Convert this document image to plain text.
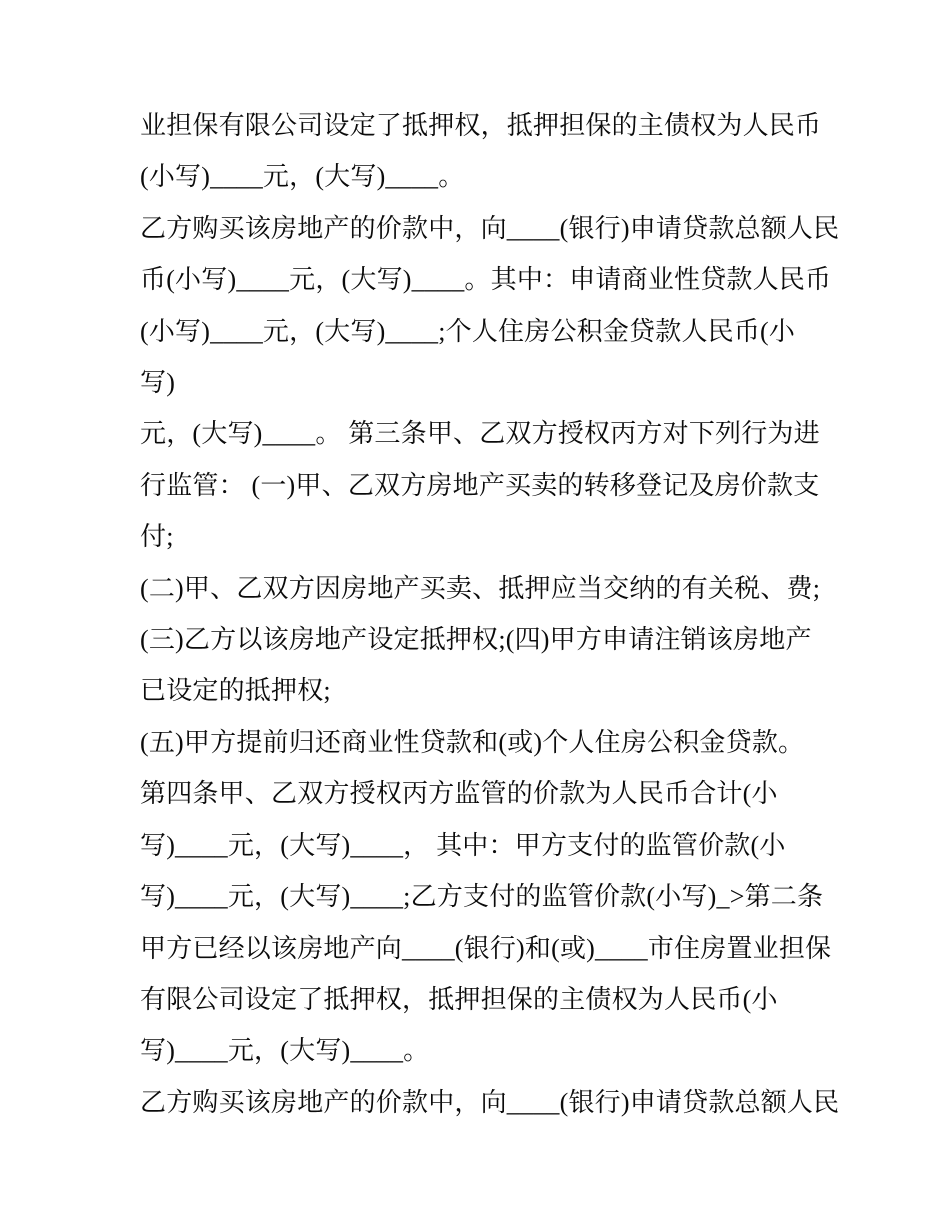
业担保有限公司设定了抵押权，抵押担保的主债权为人民币
(小写)____元，(大写)____。
乙方购买该房地产的价款中，向____(银行)申请贷款总额人民
币(小写)____元，(大写)____。其中：申请商业性贷款人民币
(小写)____元，(大写)____;个人住房公积金贷款人民币(小
写)
元，(大写)____。 第三条甲、乙双方授权丙方对下列行为进
行监管： (一)甲、乙双方房地产买卖的转移登记及房价款支
付;
(二)甲、乙双方因房地产买卖、抵押应当交纳的有关税、费;
(三)乙方以该房地产设定抵押权;(四)甲方申请注销该房地产
已设定的抵押权;
(五)甲方提前归还商业性贷款和(或)个人住房公积金贷款。
第四条甲、乙双方授权丙方监管的价款为人民币合计(小
写)____元，(大写)____， 其中：甲方支付的监管价款(小
写)____元，(大写)____;乙方支付的监管价款(小写)_>第二条
甲方已经以该房地产向____(银行)和(或)____市住房置业担保
有限公司设定了抵押权，抵押担保的主债权为人民币(小
写)____元，(大写)____。
乙方购买该房地产的价款中，向____(银行)申请贷款总额人民
